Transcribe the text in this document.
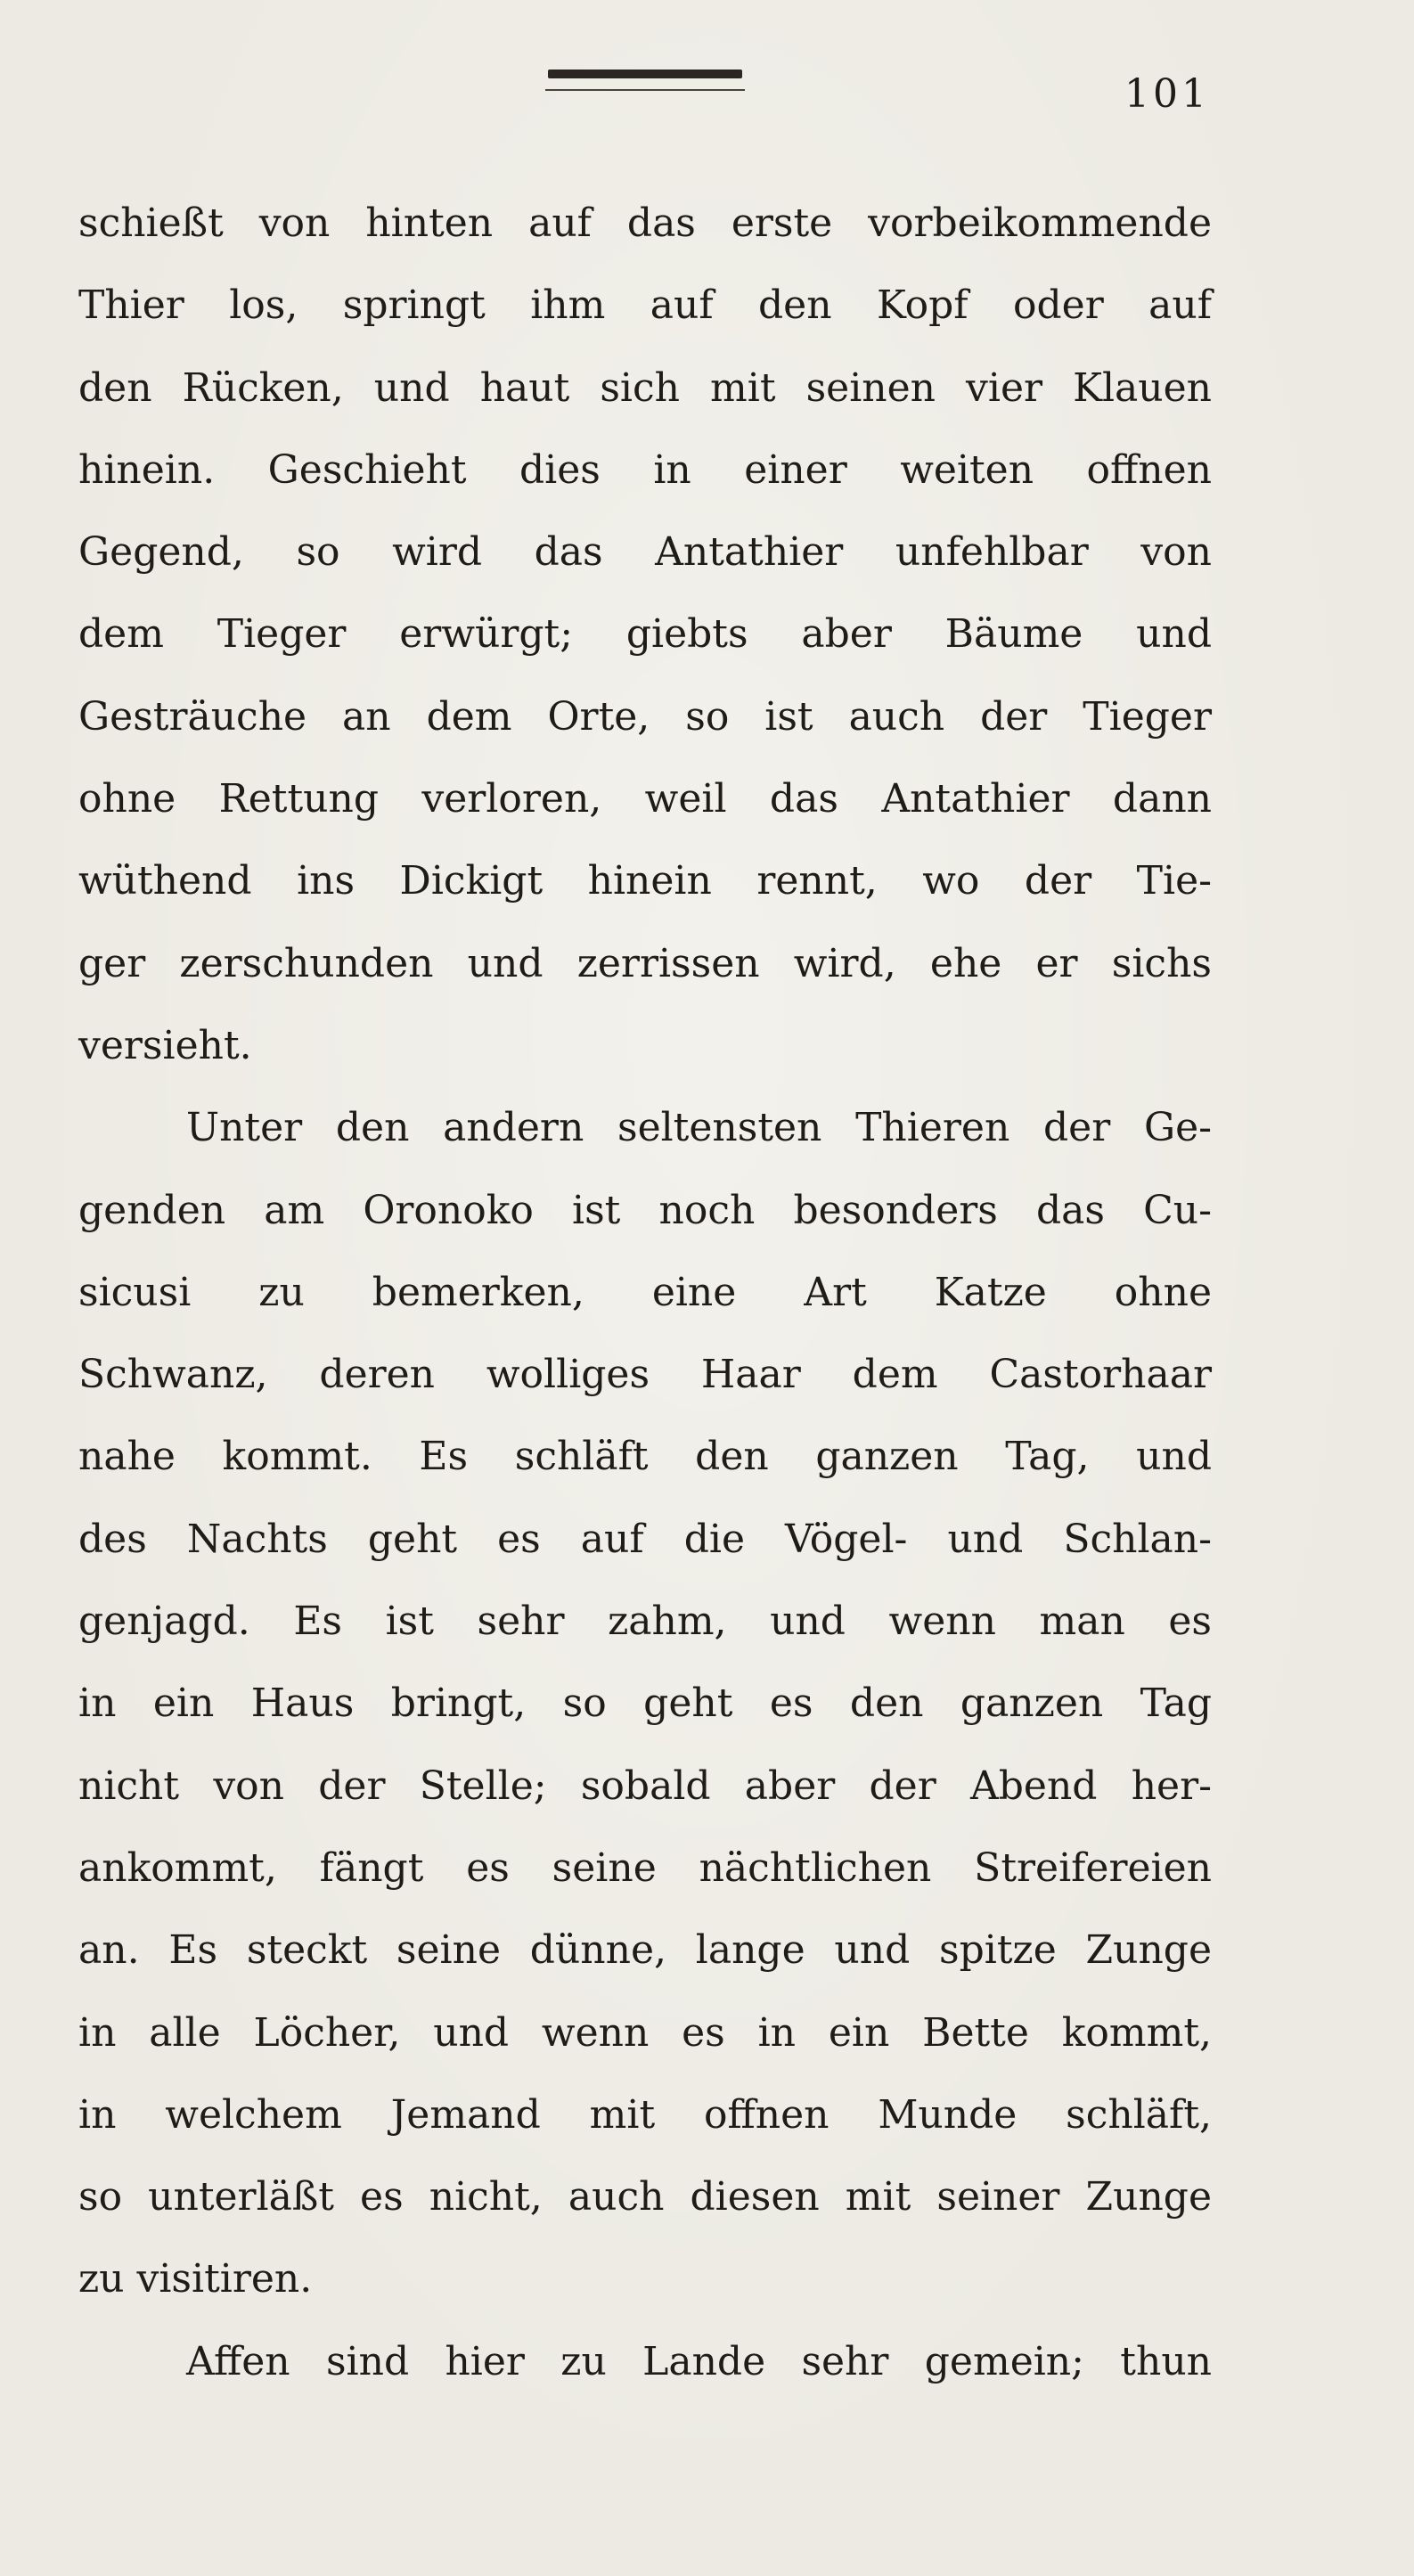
101
schießt von hinten auf das erste vorbeikommende
Thier los, springt ihm auf den Kopf oder auf
den Rücken, und haut sich mit seinen vier Klauen
hinein. Geschieht dies in einer weiten offnen
Gegend, so wird das Antathier unfehlbar von
dem Tieger erwürgt; giebts aber Bäume und
Gesträuche an dem Orte, so ist auch der Tieger
ohne Rettung verloren, weil das Antathier dann
wüthend ins Dickigt hinein rennt, wo der Tie-
ger zerschunden und zerrissen wird, ehe er sichs
versieht.
Unter den andern seltensten Thieren der Ge-
genden am Oronoko ist noch besonders das Cu-
sicusi zu bemerken, eine Art Katze ohne
Schwanz, deren wolliges Haar dem Castorhaar
nahe kommt. Es schläft den ganzen Tag, und
des Nachts geht es auf die Vögel- und Schlan-
genjagd. Es ist sehr zahm, und wenn man es
in ein Haus bringt, so geht es den ganzen Tag
nicht von der Stelle; sobald aber der Abend her-
ankommt, fängt es seine nächtlichen Streifereien
an. Es steckt seine dünne, lange und spitze Zunge
in alle Löcher, und wenn es in ein Bette kommt,
in welchem Jemand mit offnen Munde schläft,
so unterläßt es nicht, auch diesen mit seiner Zunge
zu visitiren.
Affen sind hier zu Lande sehr gemein; thun
